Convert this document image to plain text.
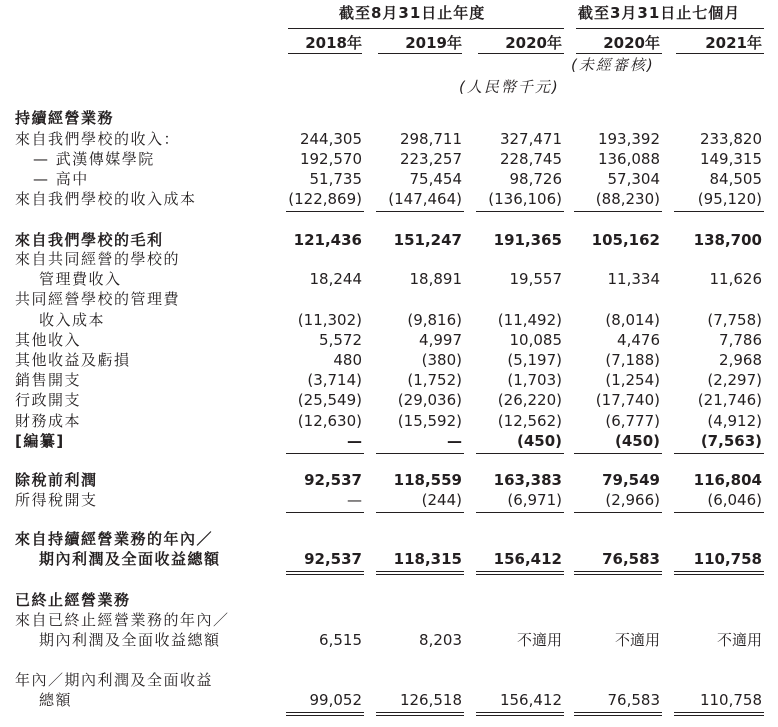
截至8月31日止年度	截至3月31日止七個月
2018年	2019年	2020年	2020年	2021年
(未經審核)
(人民幣千元)
持續經營業務
來自我們學校的收入：	244,305	298,711	327,471	193,392	233,820
— 武漢傳媒學院	192,570	223,257	228,745	136,088	149,315
— 高中	51,735	75,454	98,726	57,304	84,505
來自我們學校的收入成本	(122,869)	(147,464)	(136,106)	(88,230)	(95,120)
來自我們學校的毛利	121,436	151,247	191,365	105,162	138,700
來自共同經營的學校的
管理費收入	18,244	18,891	19,557	11,334	11,626
共同經營學校的管理費
收入成本	(11,302)	(9,816)	(11,492)	(8,014)	(7,758)
其他收入	5,572	4,997	10,085	4,476	7,786
其他收益及虧損	480	(380)	(5,197)	(7,188)	2,968
銷售開支	(3,714)	(1,752)	(1,703)	(1,254)	(2,297)
行政開支	(25,549)	(29,036)	(26,220)	(17,740)	(21,746)
財務成本	(12,630)	(15,592)	(12,562)	(6,777)	(4,912)
[編纂]	—	—	(450)	(450)	(7,563)
除稅前利潤	92,537	118,559	163,383	79,549	116,804
所得稅開支	—	(244)	(6,971)	(2,966)	(6,046)
來自持續經營業務的年內／
期內利潤及全面收益總額	92,537	118,315	156,412	76,583	110,758
已終止經營業務
來自已終止經營業務的年內／
期內利潤及全面收益總額	6,515	8,203	不適用	不適用	不適用
年內／期內利潤及全面收益
總額	99,052	126,518	156,412	76,583	110,758
